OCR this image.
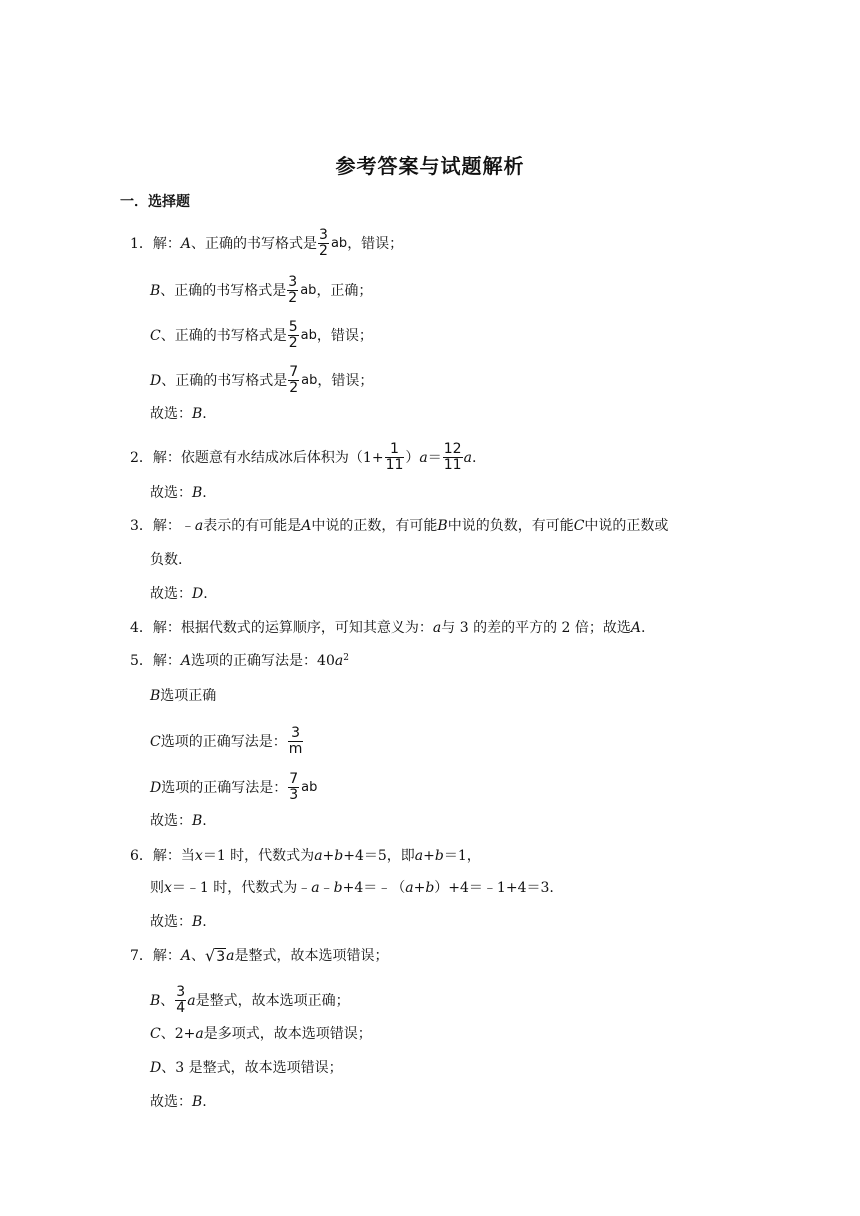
参考答案与试题解析
一．选择题
1．解： A 、正确的书写格式是 $\frac{3}{2}$ ab ，错误；
B 、正确的书写格式是 $\frac{3}{2}$ ab ，正确；
C 、正确的书写格式是 $\frac{5}{2}$ ab ，错误；
D 、正确的书写格式是 $\frac{7}{2}$ ab ，错误；
故选： B .
2．解： 依题意有水结成冰后体积为（$1+ \frac{1}{11}$ ） $a = \frac{12}{11}$ a .
故选： B .
3．解： ﹣ a 表示的有可能是 A 中说的正数，有可能 B 中说的负数，有可能 C 中说的正数或
负数.
故选： D .
4．解： 根据代数式的运算顺序，可知其意义为： a 与 3 的差的平方的 2 倍；故选 A .
5．解： A 选项的正确写法是：40 $a^2$
B 选项正确
C 选项的正确写法是： $\frac{3}{m}$
D 选项的正确写法是： $\frac{7}{3}$ ab
故选： B .
6．解： 当 x ＝1 时，代数式为 a + b +4＝5，即 a + b ＝1，
则 x ＝﹣1 时，代数式为﹣ a ﹣ b +4＝﹣（ a + b ）+4＝﹣1+4＝3.
故选： B .
7．解： A 、 √ 3 a 是整式，故本选项错误；
B 、 $\frac{3}{4}$ a 是整式，故本选项正确；
C 、2+ a 是多项式，故本选项错误；
D 、3 是整式，故本选项错误；
故选： B .
